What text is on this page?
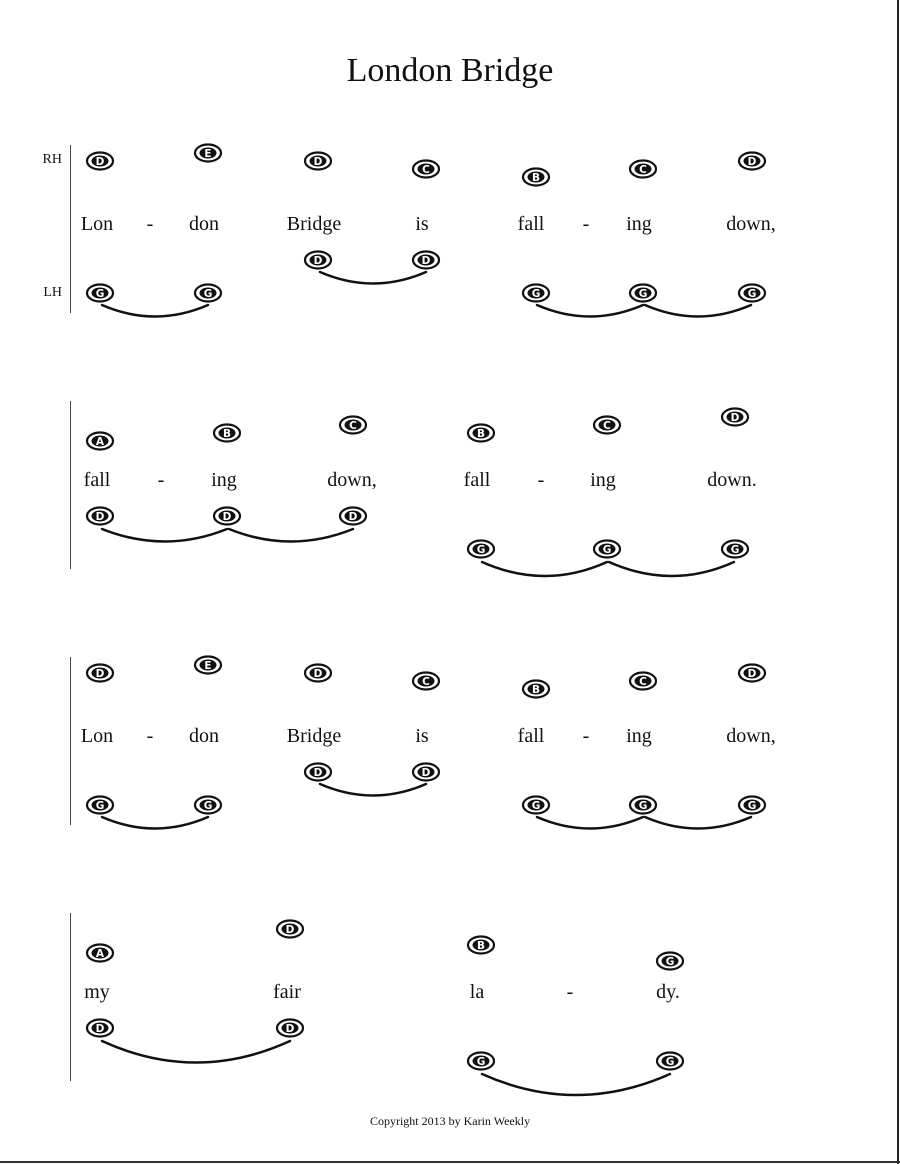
London Bridge
RH
LH
D
E
D
C
B
C
D
Lon - don	Bridge	is	fall - ing	down,
G	G
D	D
G	G	G
A
B
C
B
C
D
fall - ing	down,	fall - ing	down.
D	D	D
G	G	G
D
E
D
C
B
C
D
Lon - don	Bridge	is	fall - ing	down,
G	G
D	D
G	G	G
A
D
B
G
my	fair	la	-	dy.
D	D
G	G
Copyright 2013 by Karin Weekly
